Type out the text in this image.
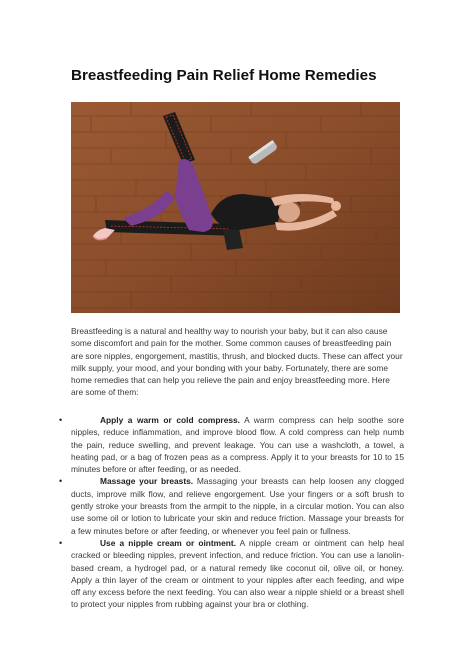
Breastfeeding Pain Relief Home Remedies

Breastfeeding is a natural and healthy way to nourish your baby, but it can also cause some discomfort and pain for the mother. Some common causes of breastfeeding pain are sore nipples, engorgement, mastitis, thrush, and blocked ducts. These can affect your milk supply, your mood, and your bonding with your baby. Fortunately, there are some home remedies that can help you relieve the pain and enjoy breastfeeding more. Here are some of them:

•	Apply a warm or cold compress. A warm compress can help soothe sore nipples, reduce inflammation, and improve blood flow. A cold compress can help numb the pain, reduce swelling, and prevent leakage. You can use a washcloth, a towel, a heating pad, or a bag of frozen peas as a compress. Apply it to your breasts for 10 to 15 minutes before or after feeding, or as needed.
•	Massage your breasts. Massaging your breasts can help loosen any clogged ducts, improve milk flow, and relieve engorgement. Use your fingers or a soft brush to gently stroke your breasts from the armpit to the nipple, in a circular motion. You can also use some oil or lotion to lubricate your skin and reduce friction. Massage your breasts for a few minutes before or after feeding, or whenever you feel pain or fullness.
•	Use a nipple cream or ointment. A nipple cream or ointment can help heal cracked or bleeding nipples, prevent infection, and reduce friction. You can use a lanolin-based cream, a hydrogel pad, or a natural remedy like coconut oil, olive oil, or honey. Apply a thin layer of the cream or ointment to your nipples after each feeding, and wipe off any excess before the next feeding. You can also wear a nipple shield or a breast shell to protect your nipples from rubbing against your bra or clothing.
